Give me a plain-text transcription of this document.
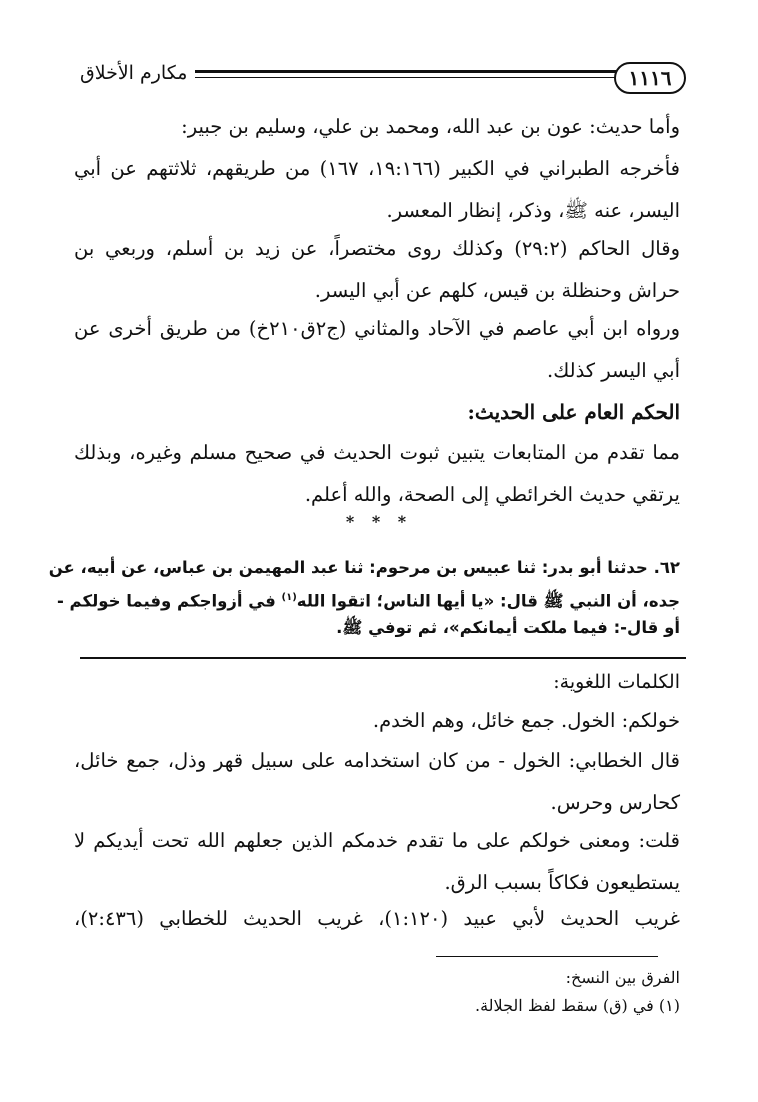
١١١٦
مكارم الأخلاق
وأما حديث: عون بن عبد الله، ومحمد بن علي، وسليم بن جبير:
فأخرجه الطبراني في الكبير (١٩:١٦٦، ١٦٧) من طريقهم، ثلاثتهم عن أبي
اليسر، عنه ﷺ، وذكر، إنظار المعسر.
وقال الحاكم (٢٩:٢) وكذلك روى مختصراً، عن زيد بن أسلم، وربعي بن
حراش وحنظلة بن قيس، كلهم عن أبي اليسر.
ورواه ابن أبي عاصم في الآحاد والمثاني (ج٢ق٢١٠خ) من طريق أخرى عن
أبي اليسر كذلك.
الحكم العام على الحديث:
مما تقدم من المتابعات يتبين ثبوت الحديث في صحيح مسلم وغيره، وبذلك
يرتقي حديث الخرائطي إلى الصحة، والله أعلم.
* * *
٦٢. حدثنا أبو بدر: ثنا عبيس بن مرحوم: ثنا عبد المهيمن بن عباس، عن أبيه، عن
جده، أن النبي ﷺ قال: «يا أيها الناس؛ اتقوا الله$^{(١)}$ في أزواجكم وفيما خولكم -
أو قال-: فيما ملكت أيمانكم»، ثم توفي ﷺ.
الكلمات اللغوية:
خولكم: الخول. جمع خائل، وهم الخدم.
قال الخطابي: الخول - من كان استخدامه على سبيل قهر وذل، جمع خائل،
كحارس وحرس.
قلت: ومعنى خولكم على ما تقدم خدمكم الذين جعلهم الله تحت أيديكم لا
يستطيعون فكاكاً بسبب الرق.
غريب الحديث لأبي عبيد (١:١٢٠)، غريب الحديث للخطابي (٢:٤٣٦)،
الفرق بين النسخ:
(١) في (ق) سقط لفظ الجلالة.
